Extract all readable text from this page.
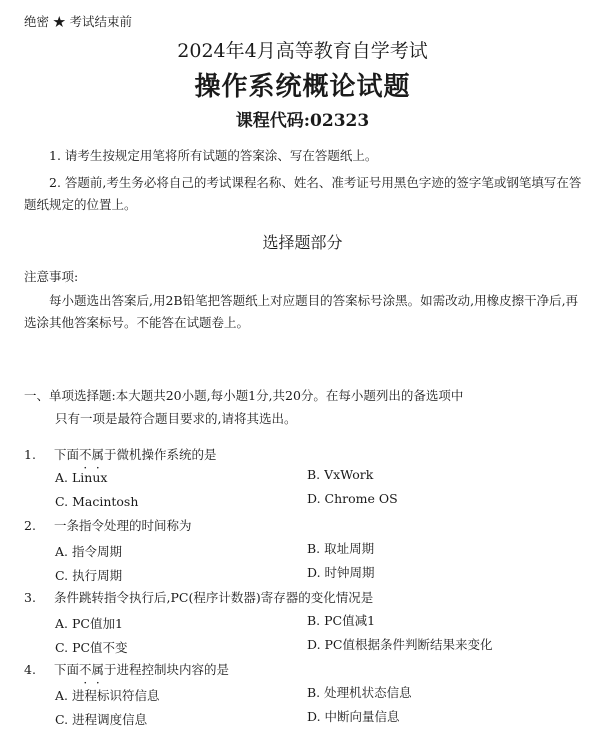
绝密 ★ 考试结束前
2024年4月高等教育自学考试
操作系统概论试题
课程代码:02323
1. 请考生按规定用笔将所有试题的答案涂、写在答题纸上。
2. 答题前,考生务必将自己的考试课程名称、姓名、准考证号用黑色字迹的签字笔或钢笔填写在答题纸规定的位置上。
选择题部分
注意事项:
每小题选出答案后,用2B铅笔把答题纸上对应题目的答案标号涂黑。如需改动,用橡皮擦干净后,再选涂其他答案标号。不能答在试题卷上。
一、单项选择题:本大题共20小题,每小题1分,共20分。在每小题列出的备选项中
只有一项是最符合题目要求的,请将其选出。
1. 下面不属于微机操作系统的是
A. Linux	B. VxWork
C. Macintosh	D. Chrome OS
2. 一条指令处理的时间称为
A. 指令周期	B. 取址周期
C. 执行周期	D. 时钟周期
3. 条件跳转指令执行后,PC(程序计数器)寄存器的变化情况是
A. PC值加1	B. PC值减1
C. PC值不变	D. PC值根据条件判断结果来变化
4. 下面不属于进程控制块内容的是
A. 进程标识符信息	B. 处理机状态信息
C. 进程调度信息	D. 中断向量信息
